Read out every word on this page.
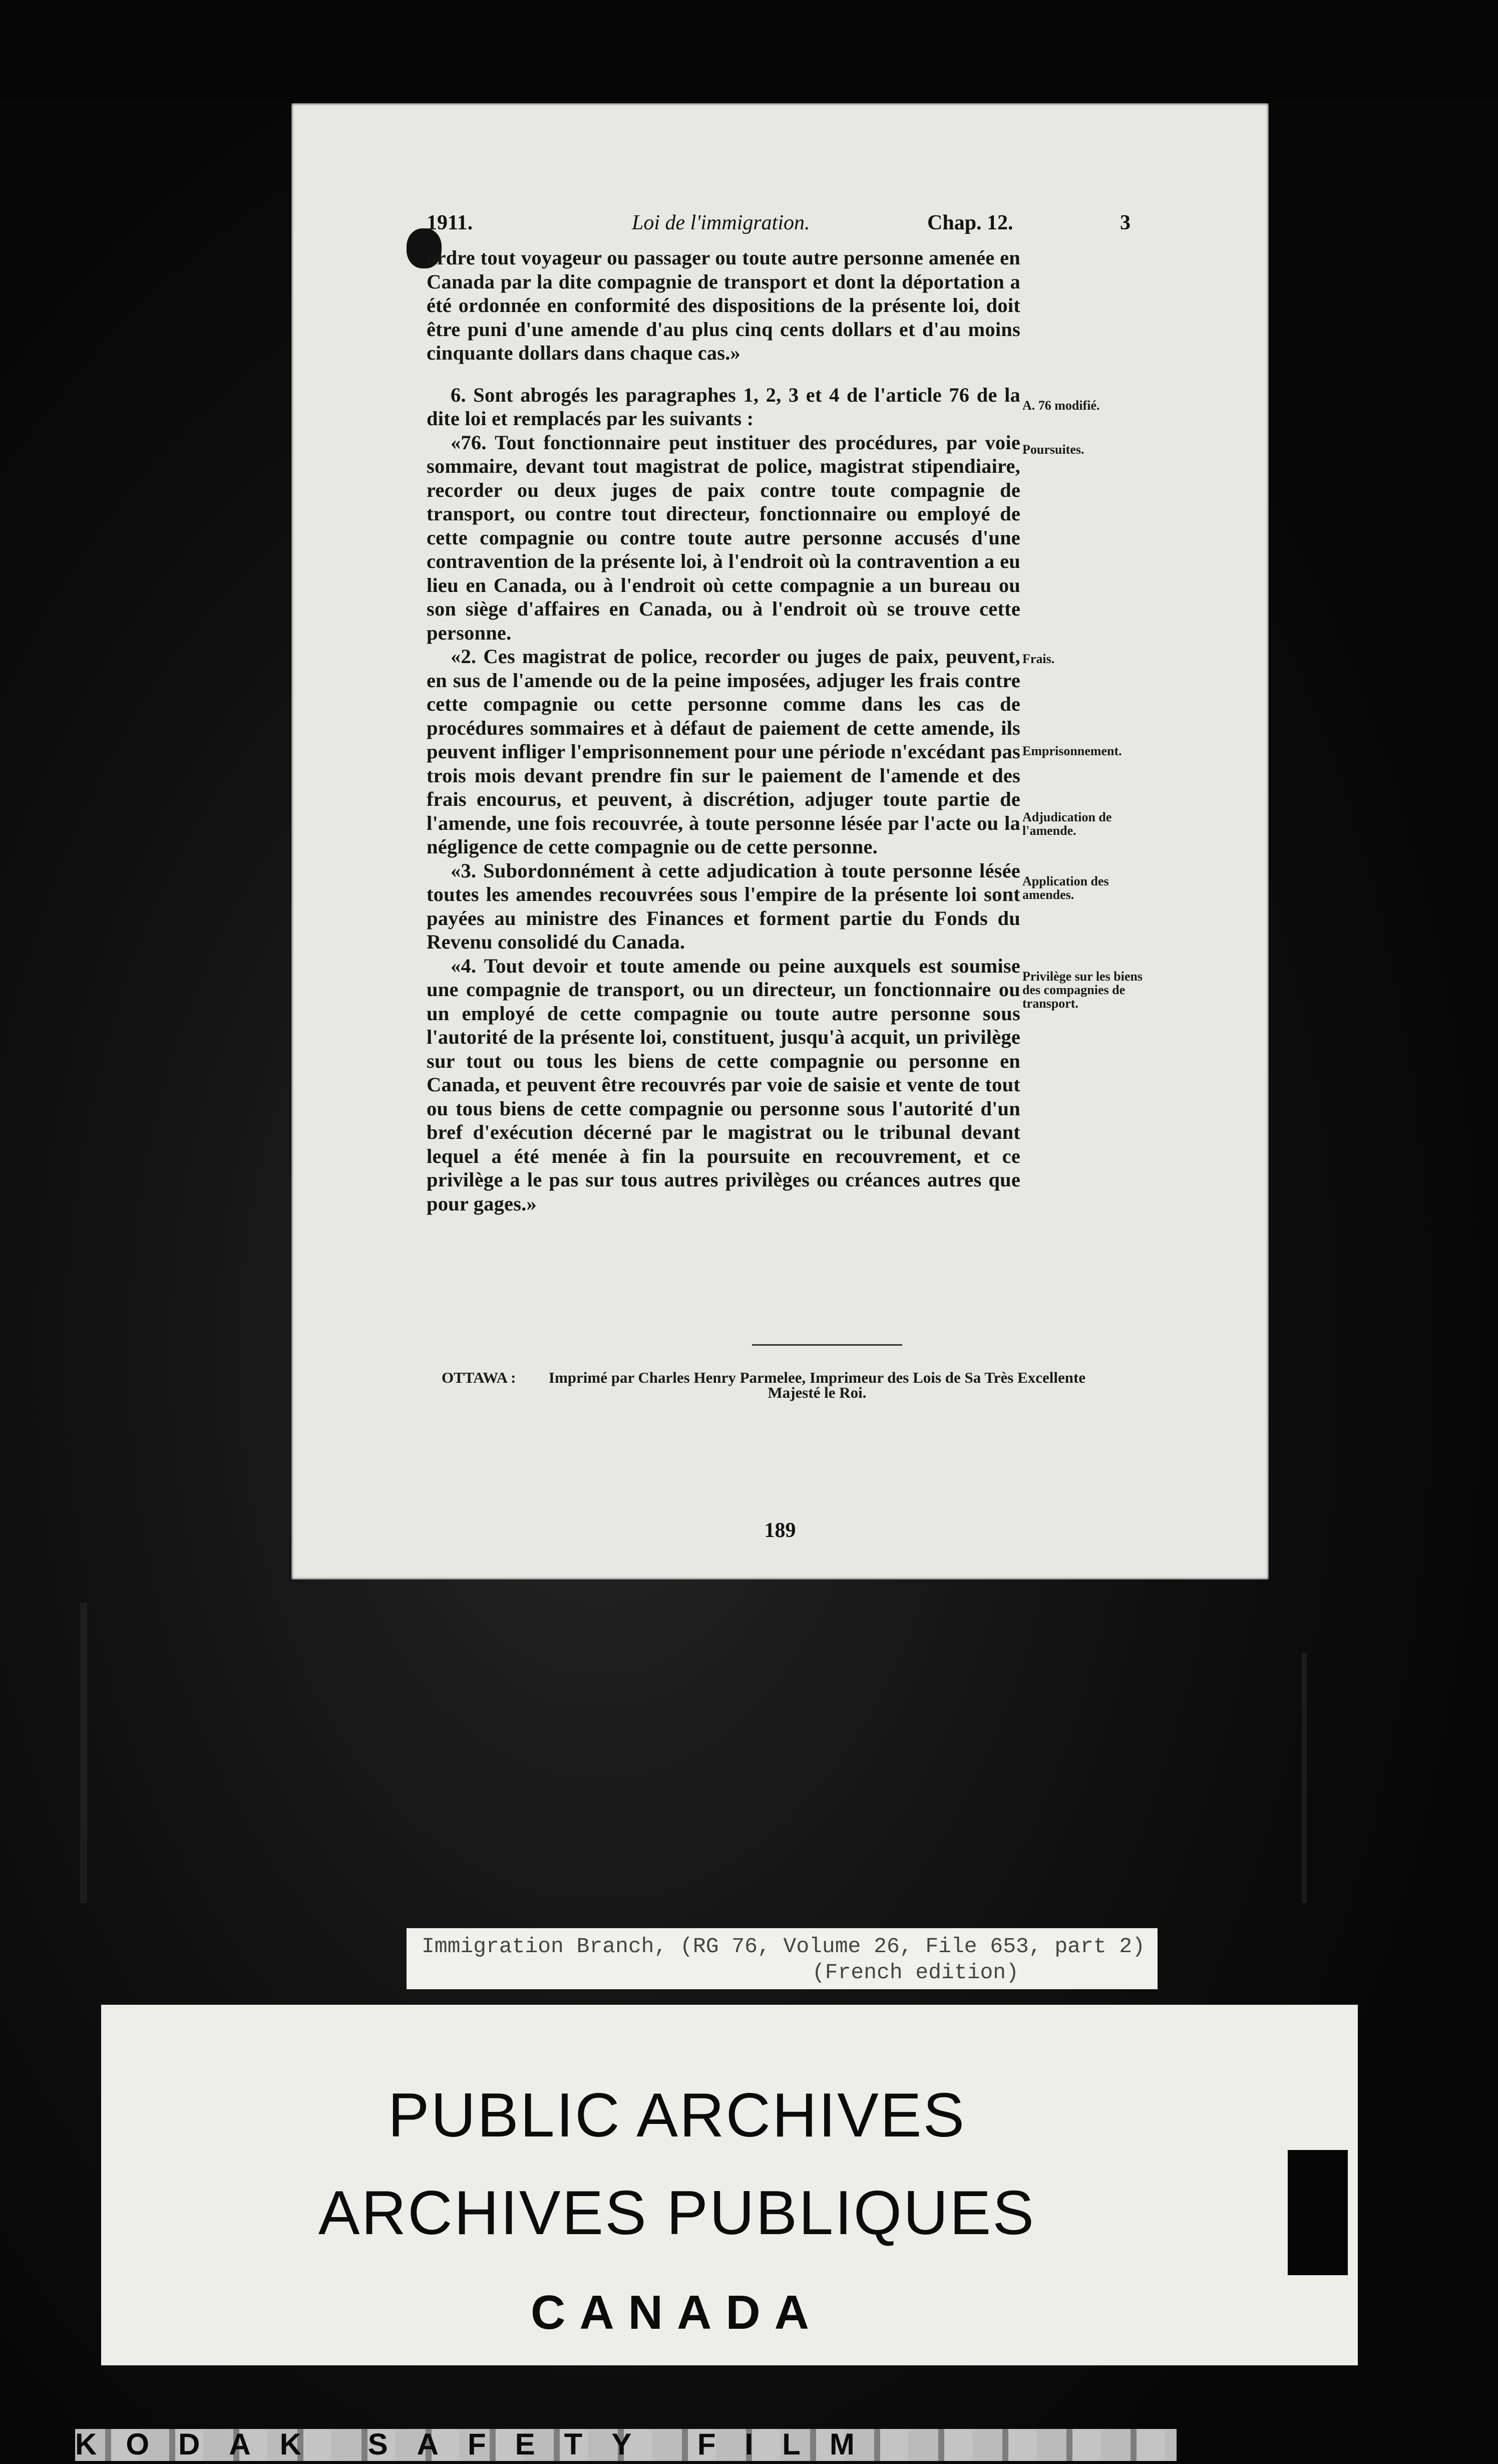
1911.	Loi de l'immigration.	Chap. 12.	3

ordre tout voyageur ou passager ou toute autre personne amenée en Canada par la dite compagnie de transport et dont la déportation a été ordonnée en conformité des dispositions de la présente loi, doit être puni d'une amende d'au plus cinq cents dollars et d'au moins cinquante dollars dans chaque cas.»

6. Sont abrogés les paragraphes 1, 2, 3 et 4 de l'article 76 de la dite loi et remplacés par les suivants :

«76. Tout fonctionnaire peut instituer des procédures, par voie sommaire, devant tout magistrat de police, magistrat stipendiaire, recorder ou deux juges de paix contre toute compagnie de transport, ou contre tout directeur, fonctionnaire ou employé de cette compagnie ou contre toute autre personne accusés d'une contravention de la présente loi, à l'endroit où la contravention a eu lieu en Canada, ou à l'endroit où cette compagnie a un bureau ou son siège d'affaires en Canada, ou à l'endroit où se trouve cette personne.

«2. Ces magistrat de police, recorder ou juges de paix, peuvent, en sus de l'amende ou de la peine imposées, adjuger les frais contre cette compagnie ou cette personne comme dans les cas de procédures sommaires et à défaut de paiement de cette amende, ils peuvent infliger l'emprisonnement pour une période n'excédant pas trois mois devant prendre fin sur le paiement de l'amende et des frais encourus, et peuvent, à discrétion, adjuger toute partie de l'amende, une fois recouvrée, à toute personne lésée par l'acte ou la négligence de cette compagnie ou de cette personne.

«3. Subordonnément à cette adjudication à toute personne lésée toutes les amendes recouvrées sous l'empire de la présente loi sont payées au ministre des Finances et forment partie du Fonds du Revenu consolidé du Canada.

«4. Tout devoir et toute amende ou peine auxquels est soumise une compagnie de transport, ou un directeur, un fonctionnaire ou un employé de cette compagnie ou toute autre personne sous l'autorité de la présente loi, constituent, jusqu'à acquit, un privilège sur tout ou tous les biens de cette compagnie ou personne en Canada, et peuvent être recouvrés par voie de saisie et vente de tout ou tous biens de cette compagnie ou personne sous l'autorité d'un bref d'exécution décerné par le magistrat ou le tribunal devant lequel a été menée à fin la poursuite en recouvrement, et ce privilège a le pas sur tous autres privilèges ou créances autres que pour gages.»

A. 76 modifié.
Poursuites.
Frais.
Emprisonnement.
Adjudication de l'amende.
Application des amendes.
Privilège sur les biens des compagnies de transport.
OTTAWA :	Imprimé par Charles Henry Parmelee, Imprimeur des Lois de Sa Très Excellente Majesté le Roi.
189
Immigration Branch, (RG 76, Volume 26, File 653, part 2)
(French edition)
PUBLIC ARCHIVES
ARCHIVES PUBLIQUES
CANADA
KODAK SAFETY FILM
